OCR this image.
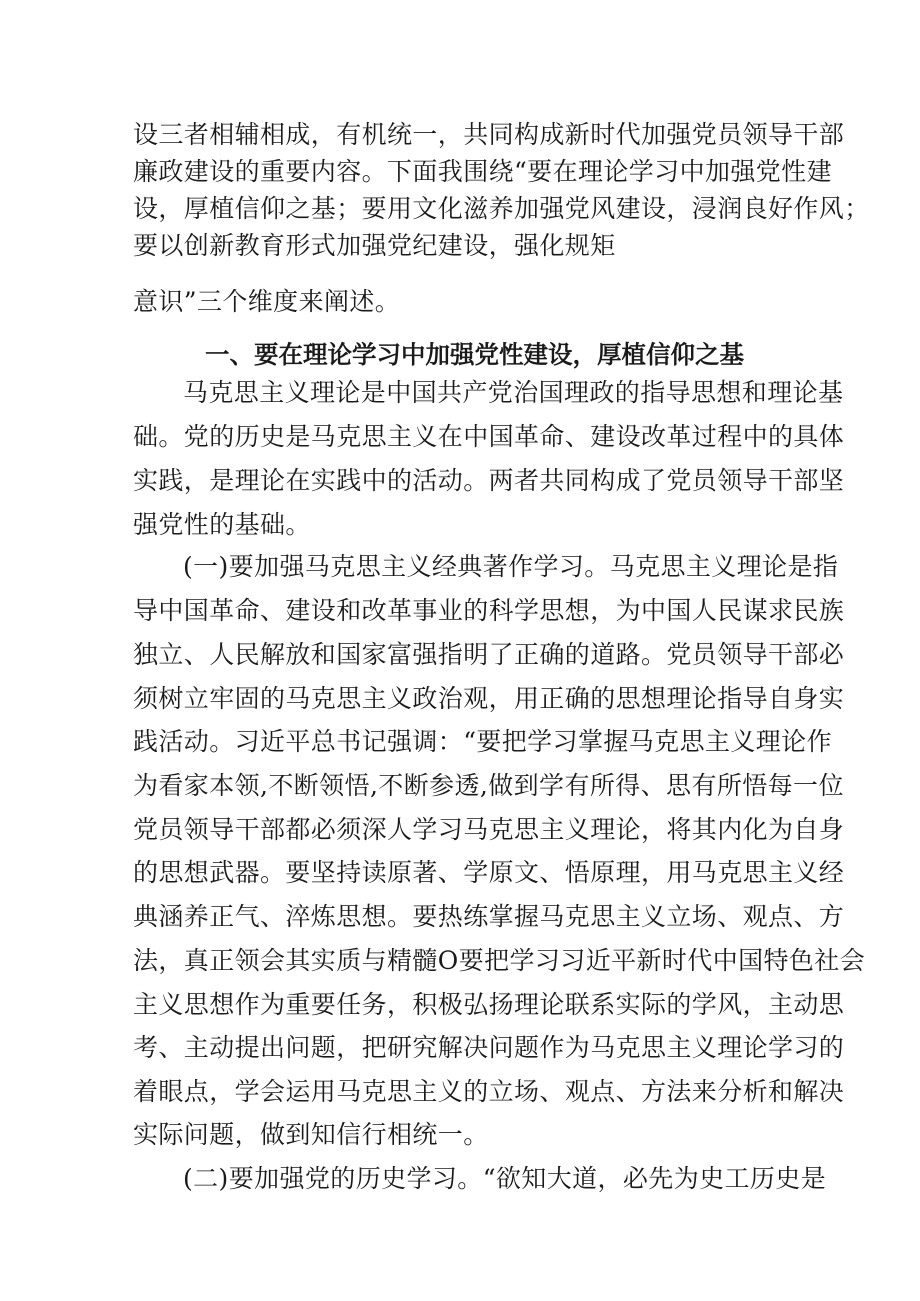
设三者相辅相成，有机统一，共同构成新时代加强党员领导干部
廉政建设的重要内容。下面我围绕“要在理论学习中加强党性建
设，厚植信仰之基；要用文化滋养加强党风建设，浸润良好作风；
要以创新教育形式加强党纪建设，强化规矩
意识”三个维度来阐述。
一、要在理论学习中加强党性建设，厚植信仰之基
马克思主义理论是中国共产党治国理政的指导思想和理论基
础。党的历史是马克思主义在中国革命、建设改革过程中的具体
实践，是理论在实践中的活动。两者共同构成了党员领导干部坚
强党性的基础。
(一)要加强马克思主义经典著作学习。马克思主义理论是指
导中国革命、建设和改革事业的科学思想，为中国人民谋求民族
独立、人民解放和国家富强指明了正确的道路。党员领导干部必
须树立牢固的马克思主义政治观，用正确的思想理论指导自身实
践活动。习近平总书记强调：“要把学习掌握马克思主义理论作
为看家本领,不断领悟,不断参透,做到学有所得、思有所悟每一位
党员领导干部都必须深人学习马克思主义理论，将其内化为自身
的思想武器。要坚持读原著、学原文、悟原理，用马克思主义经
典涵养正气、淬炼思想。要热练掌握马克思主义立场、观点、方
法，真正领会其实质与精髓O要把学习习近平新时代中国特色社会
主义思想作为重要任务，积极弘扬理论联系实际的学风，主动思
考、主动提出问题，把研究解决问题作为马克思主义理论学习的
着眼点，学会运用马克思主义的立场、观点、方法来分析和解决
实际问题，做到知信行相统一。
(二)要加强党的历史学习。“欲知大道，必先为史工历史是
